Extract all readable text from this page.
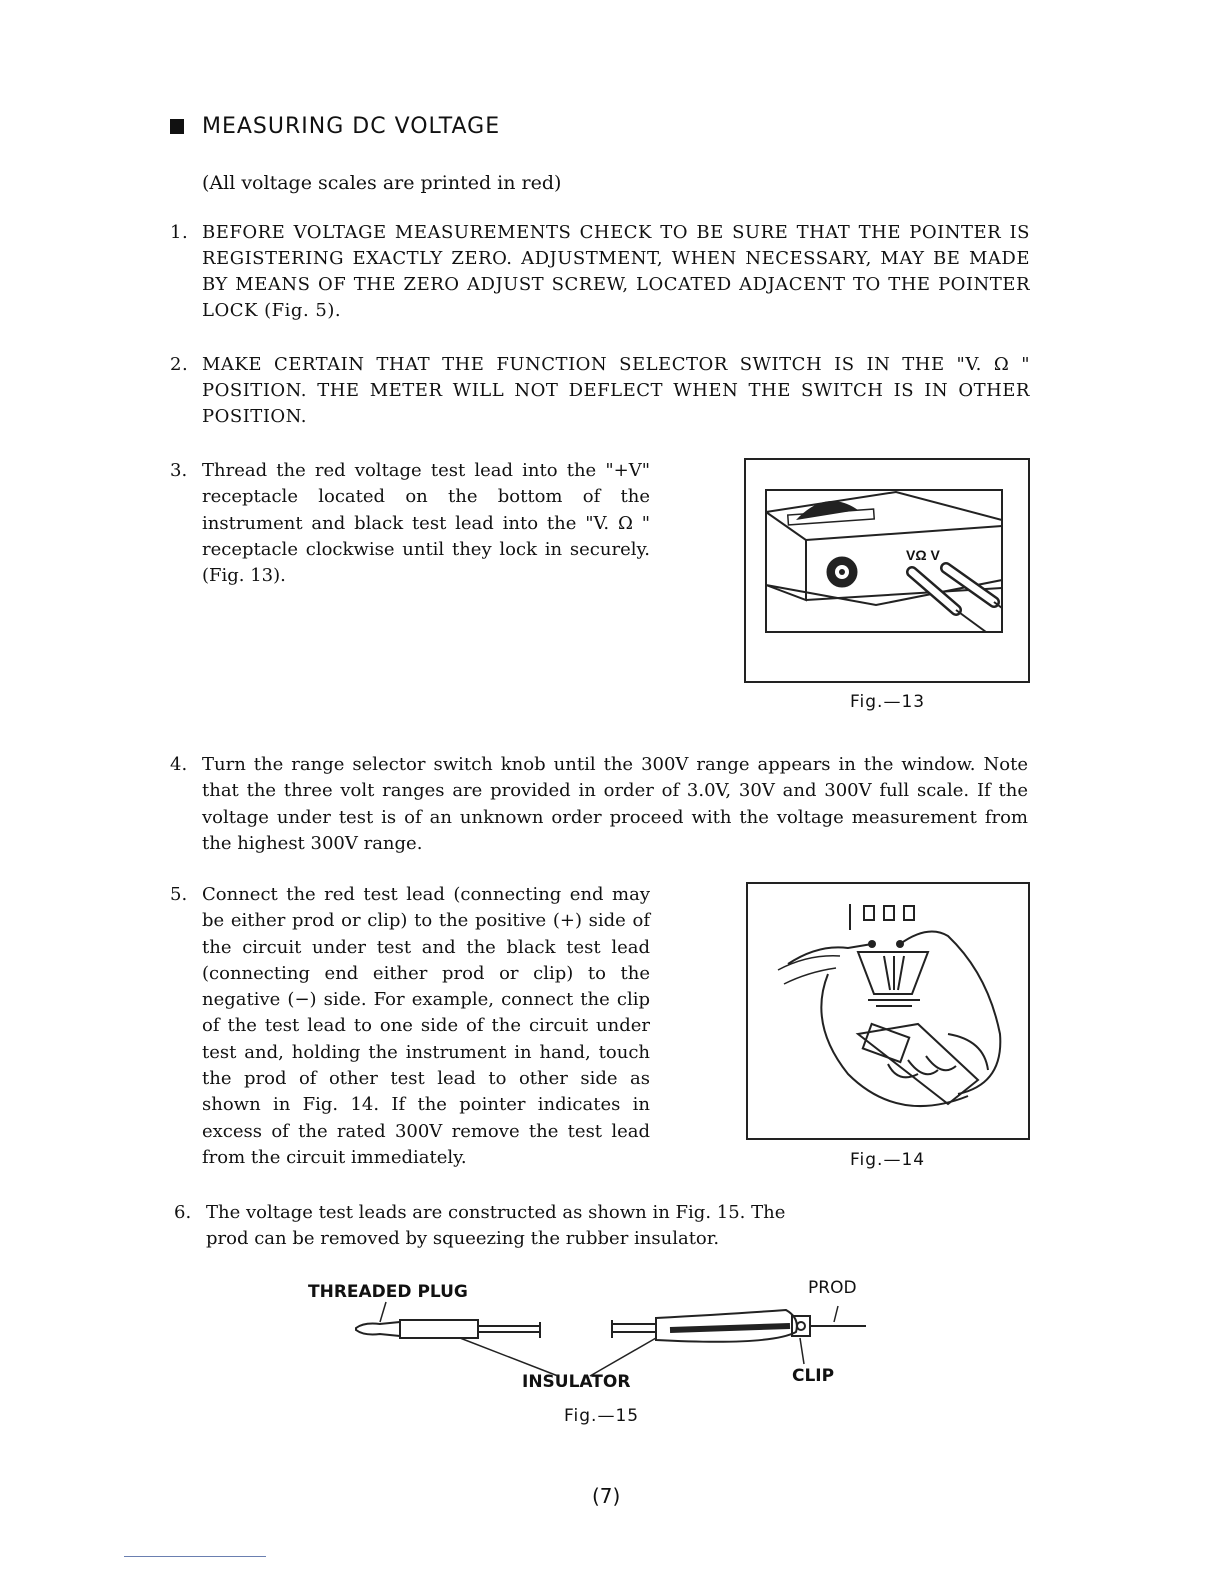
MEASURING DC VOLTAGE
(All voltage scales are printed in red)
1. BEFORE VOLTAGE MEASUREMENTS CHECK TO BE SURE THAT THE POINTER IS REGISTERING EXACTLY ZERO. ADJUSTMENT, WHEN NECESSARY, MAY BE MADE BY MEANS OF THE ZERO ADJUST SCREW, LOCATED ADJACENT TO THE POINTER LOCK (Fig. 5).
2. MAKE CERTAIN THAT THE FUNCTION SELECTOR SWITCH IS IN THE "V. Ω " POSITION. THE METER WILL NOT DEFLECT WHEN THE SWITCH IS IN OTHER POSITION.
3. Thread the red voltage test lead into the "+V" receptacle located on the bottom of the instrument and black test lead into the "V. Ω " receptacle clockwise until they lock in securely. (Fig. 13).
VΩ V
Fig.—13
4. Turn the range selector switch knob until the 300V range appears in the window. Note that the three volt ranges are provided in order of 3.0V, 30V and 300V full scale. If the voltage under test is of an unknown order proceed with the voltage measurement from the highest 300V range.
5. Connect the red test lead (connecting end may be either prod or clip) to the positive (+) side of the circuit under test and the black test lead (connecting end either prod or clip) to the negative (−) side. For example, connect the clip of the test lead to one side of the circuit under test and, holding the instrument in hand, touch the prod of other test lead to other side as shown in Fig. 14. If the pointer indicates in excess of the rated 300V remove the test lead from the circuit immediately.	Fig.—14
6. The voltage test leads are constructed as shown in Fig. 15. The prod can be removed by squeezing the rubber insulator.
THREADED PLUG	PROD
INSULATOR	CLIP
Fig.—15
(7)
